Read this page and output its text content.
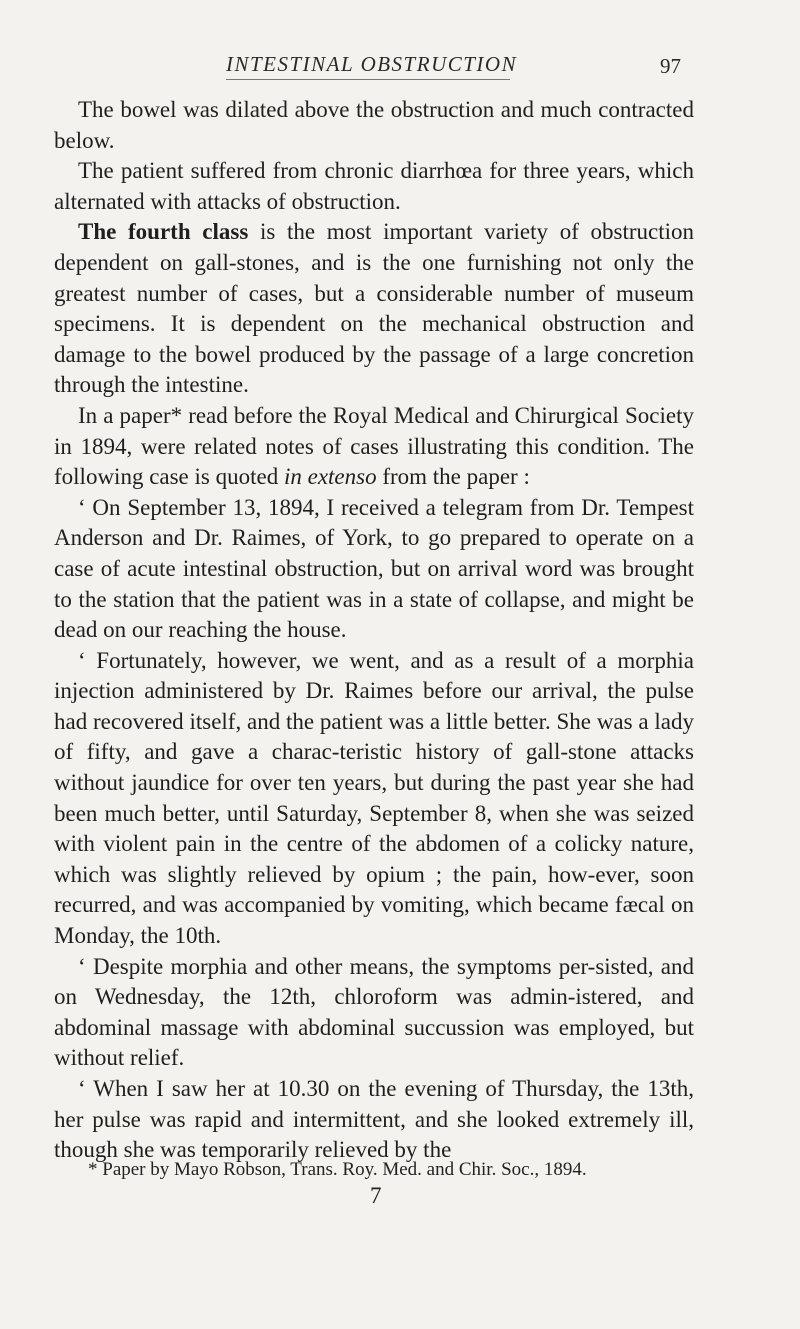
INTESTINAL OBSTRUCTION	97

The bowel was dilated above the obstruction and much contracted below.

The patient suffered from chronic diarrhœa for three years, which alternated with attacks of obstruction.

The fourth class is the most important variety of obstruction dependent on gall-stones, and is the one furnishing not only the greatest number of cases, but a considerable number of museum specimens. It is dependent on the mechanical obstruction and damage to the bowel produced by the passage of a large concretion through the intestine.

In a paper* read before the Royal Medical and Chirurgical Society in 1894, were related notes of cases illustrating this condition. The following case is quoted in extenso from the paper :

‘ On September 13, 1894, I received a telegram from Dr. Tempest Anderson and Dr. Raimes, of York, to go prepared to operate on a case of acute intestinal obstruction, but on arrival word was brought to the station that the patient was in a state of collapse, and might be dead on our reaching the house.

‘ Fortunately, however, we went, and as a result of a morphia injection administered by Dr. Raimes before our arrival, the pulse had recovered itself, and the patient was a little better. She was a lady of fifty, and gave a charac-teristic history of gall-stone attacks without jaundice for over ten years, but during the past year she had been much better, until Saturday, September 8, when she was seized with violent pain in the centre of the abdomen of a colicky nature, which was slightly relieved by opium ; the pain, how-ever, soon recurred, and was accompanied by vomiting, which became fæcal on Monday, the 10th.

‘ Despite morphia and other means, the symptoms per-sisted, and on Wednesday, the 12th, chloroform was admin-istered, and abdominal massage with abdominal succussion was employed, but without relief.

‘ When I saw her at 10.30 on the evening of Thursday, the 13th, her pulse was rapid and intermittent, and she looked extremely ill, though she was temporarily relieved by the

* Paper by Mayo Robson, Trans. Roy. Med. and Chir. Soc., 1894.
7
